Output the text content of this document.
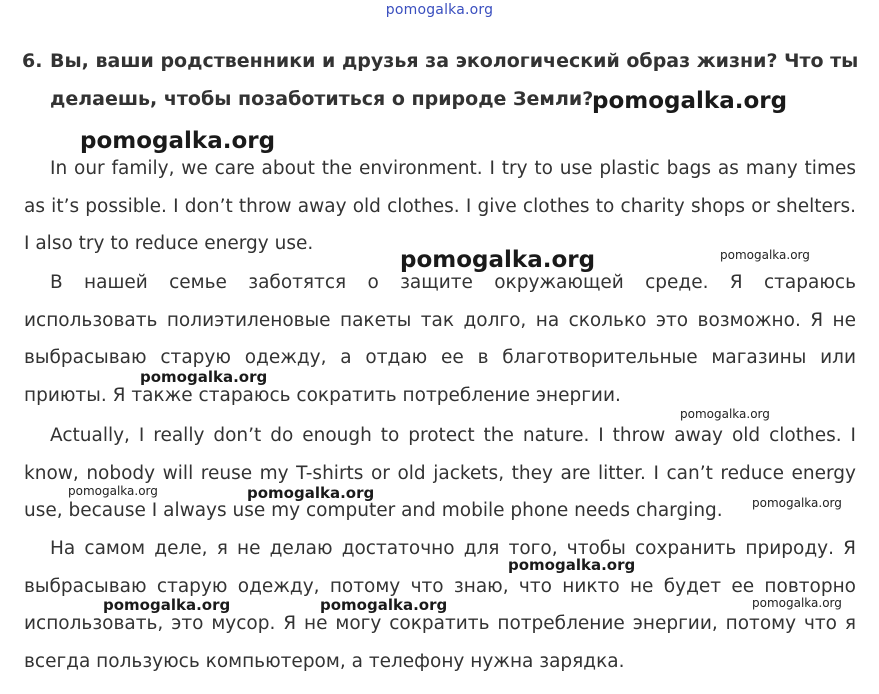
pomogalka.org
6. Вы, ваши родственники и друзья за экологический образ жизни? Что ты
делаешь, чтобы позаботиться о природе Земли?

In our family, we care about the environment. I try to use plastic bags as many times as it’s possible. I don’t throw away old clothes. I give clothes to charity shops or shelters. I also try to reduce energy use.

В нашей семье заботятся о защите окружающей среде. Я стараюсь использовать полиэтиленовые пакеты так долго, на сколько это возможно. Я не выбрасываю старую одежду, а отдаю ее в благотворительные магазины или приюты. Я также стараюсь сократить потребление энергии.

Actually, I really don’t do enough to protect the nature. I throw away old clothes. I know, nobody will reuse my T-shirts or old jackets, they are litter. I can’t reduce energy use, because I always use my computer and mobile phone needs charging.

На самом деле, я не делаю достаточно для того, чтобы сохранить природу. Я выбрасываю старую одежду, потому что знаю, что никто не будет ее повторно использовать, это мусор. Я не могу сократить потребление энергии, потому что я всегда пользуюсь компьютером, а телефону нужна зарядка.

pomogalka.org
pomogalka.org
pomogalka.org	pomogalka.org
pomogalka.org
pomogalka.org
pomogalka.org	pomogalka.org
pomogalka.org
pomogalka.org
pomogalka.org	pomogalka.org	pomogalka.org
